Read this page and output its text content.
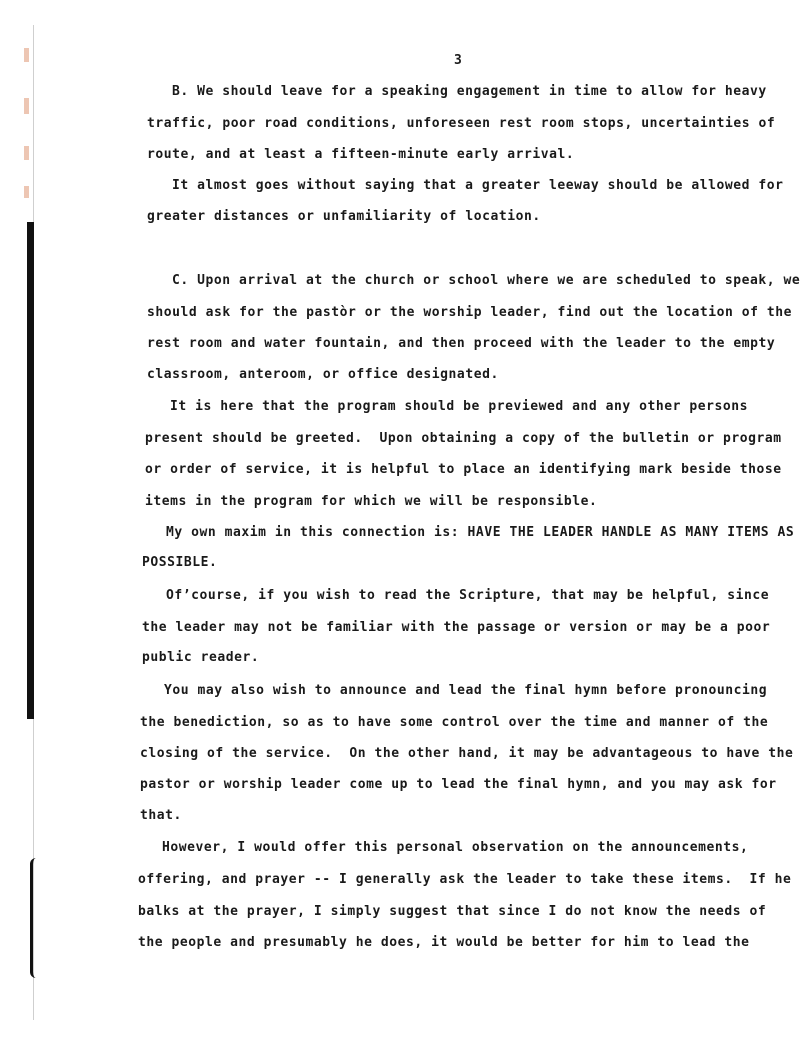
3
B. We should leave for a speaking engagement in time to allow for heavy
traffic, poor road conditions, unforeseen rest room stops, uncertainties of
route, and at least a fifteen-minute early arrival.
It almost goes without saying that a greater leeway should be allowed for
greater distances or unfamiliarity of location.
C. Upon arrival at the church or school where we are scheduled to speak, we
should ask for the pastòr or the worship leader, find out the location of the
rest room and water fountain, and then proceed with the leader to the empty
classroom, anteroom, or office designated.
It is here that the program should be previewed and any other persons
present should be greeted.  Upon obtaining a copy of the bulletin or program
or order of service, it is helpful to place an identifying mark beside those
items in the program for which we will be responsible.
My own maxim in this connection is: HAVE THE LEADER HANDLE AS MANY ITEMS AS
POSSIBLE.
Of’course, if you wish to read the Scripture, that may be helpful, since
the leader may not be familiar with the passage or version or may be a poor
public reader.
You may also wish to announce and lead the final hymn before pronouncing
the benediction, so as to have some control over the time and manner of the
closing of the service.  On the other hand, it may be advantageous to have the
pastor or worship leader come up to lead the final hymn, and you may ask for
that.
However, I would offer this personal observation on the announcements,
offering, and prayer -- I generally ask the leader to take these items.  If he
balks at the prayer, I simply suggest that since I do not know the needs of
the people and presumably he does, it would be better for him to lead the
